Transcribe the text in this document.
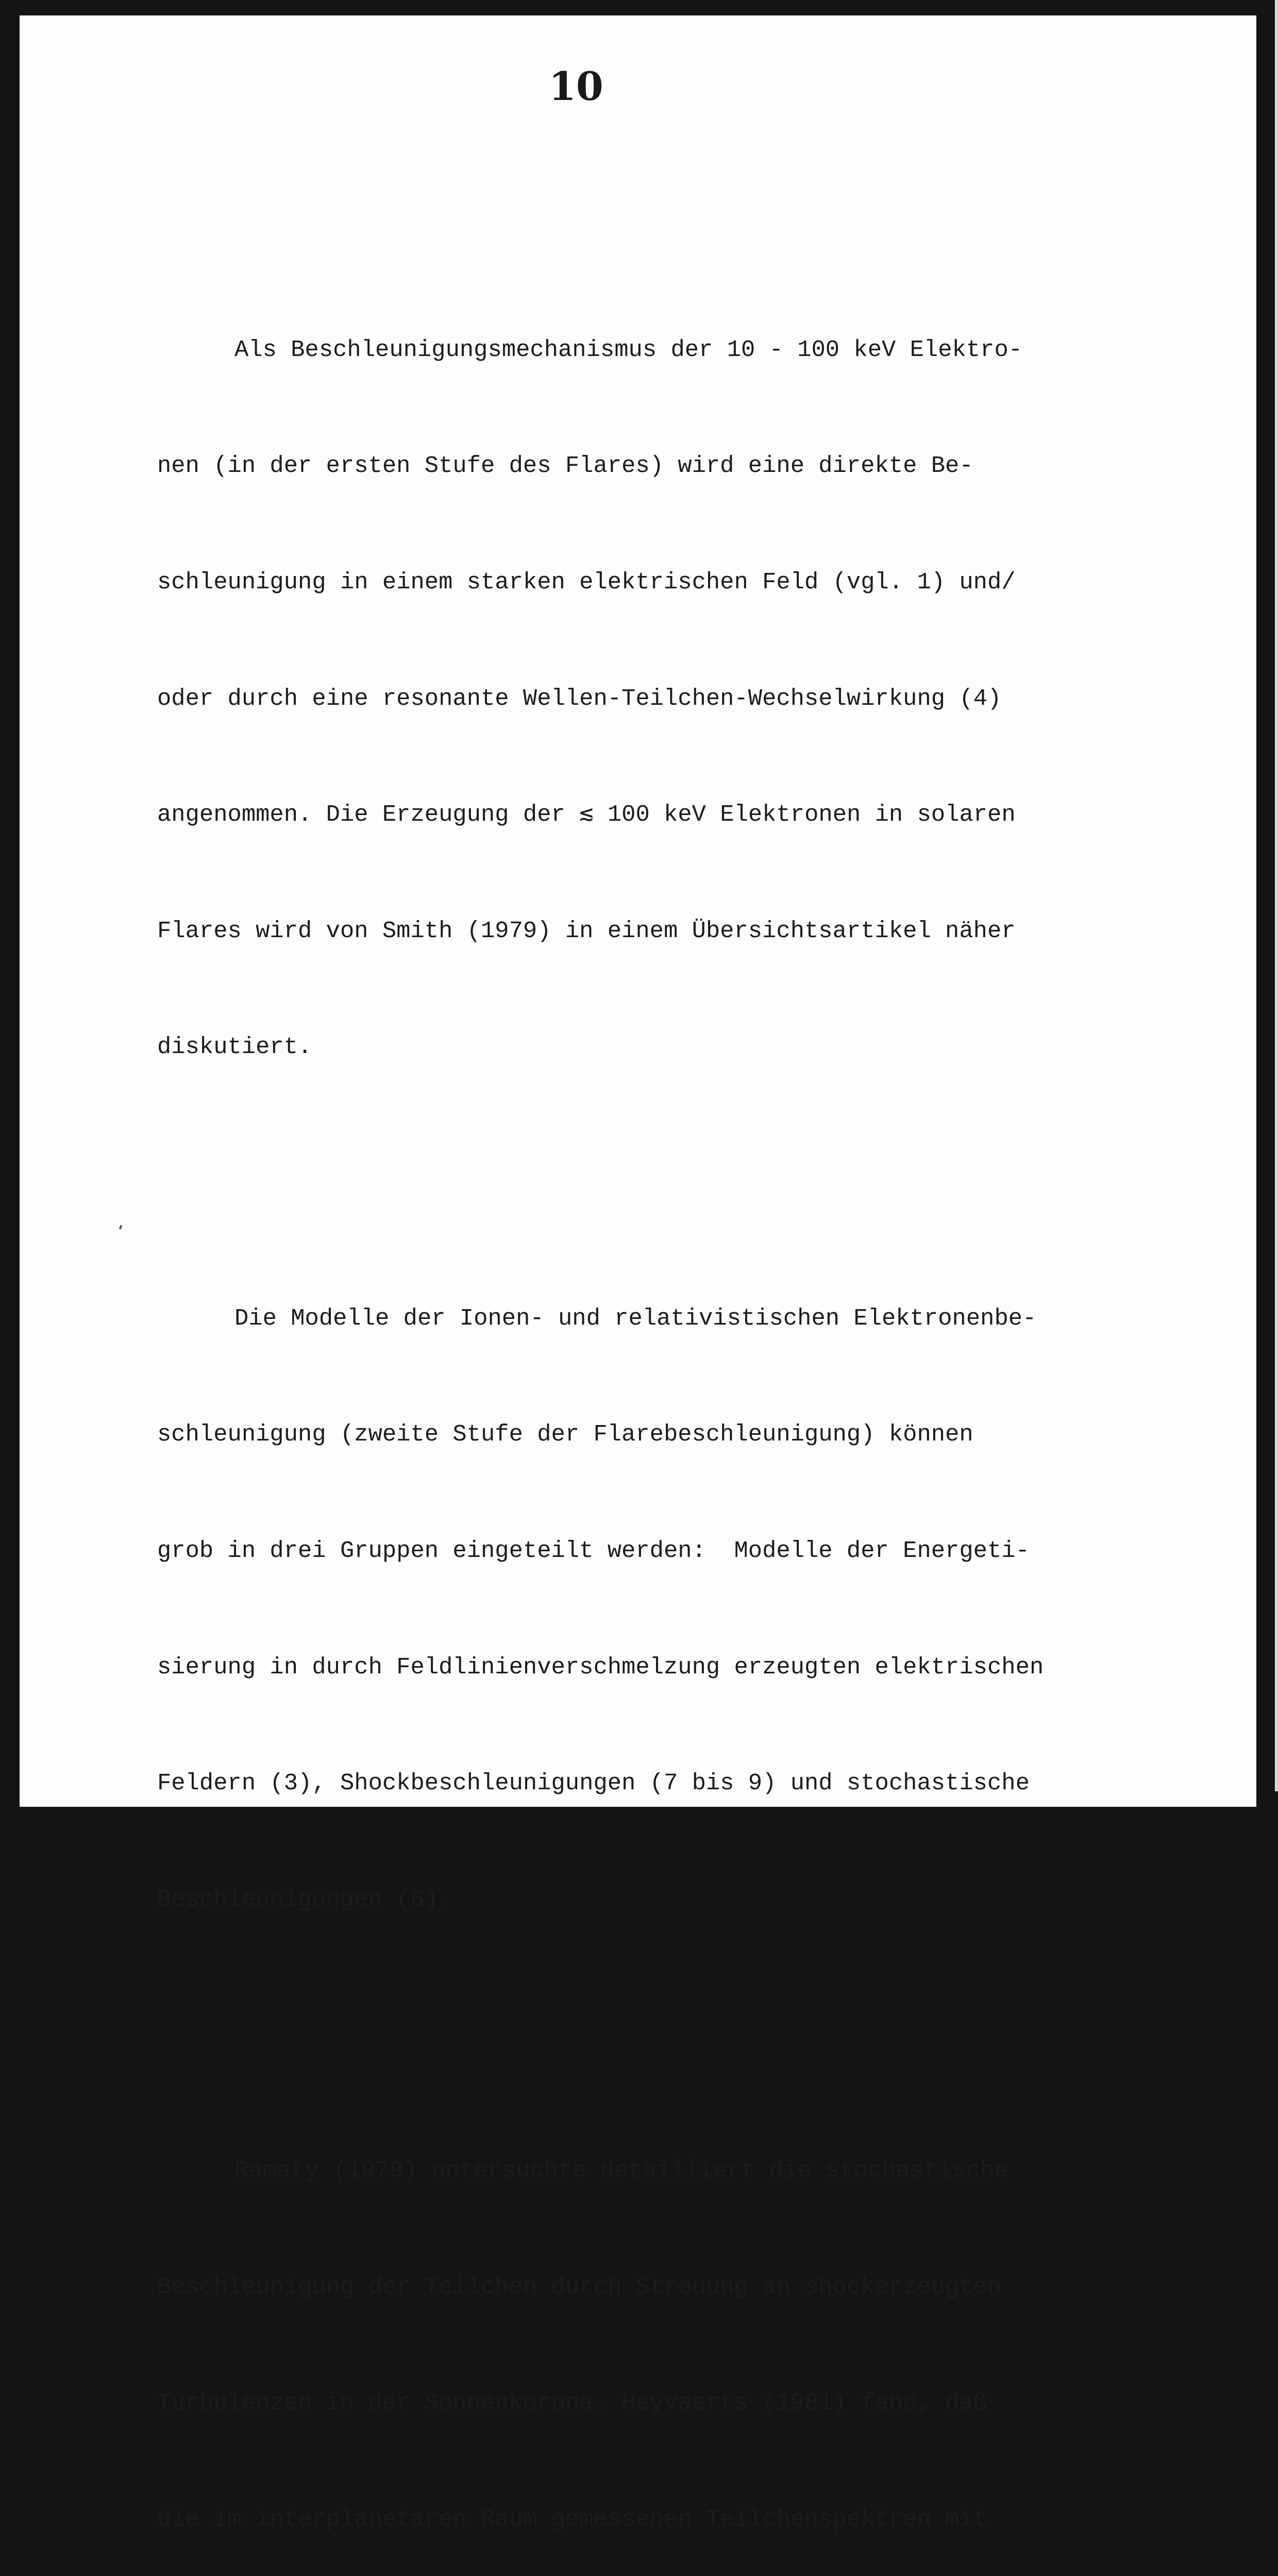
10

Als Beschleunigungsmechanismus der 10 - 100 keV Elektro-

nen (in der ersten Stufe des Flares) wird eine direkte Be-

schleunigung in einem starken elektrischen Feld (vgl. 1) und/

oder durch eine resonante Wellen-Teilchen-Wechselwirkung (4)

angenommen. Die Erzeugung der ≲ 100 keV Elektronen in solaren

Flares wird von Smith (1979) in einem Übersichtsartikel näher

diskutiert.

Die Modelle der Ionen- und relativistischen Elektronenbe-

schleunigung (zweite Stufe der Flarebeschleunigung) können

grob in drei Gruppen eingeteilt werden:  Modelle der Energeti-

sierung in durch Feldlinienverschmelzung erzeugten elektrischen

Feldern (3), Shockbeschleunigungen (7 bis 9) und stochastische

Beschleunigungen (6).

Ramaty (1979) untersuchte detailliert die stochastische

Beschleunigung der Teilchen durch Streuung an shockerzeugten

Turbulenzen in der Sonnenkorona. Heyvaerts (1981) fand, daß

die im interplanetaren Raum gemessenen Teilchenspektren mit
